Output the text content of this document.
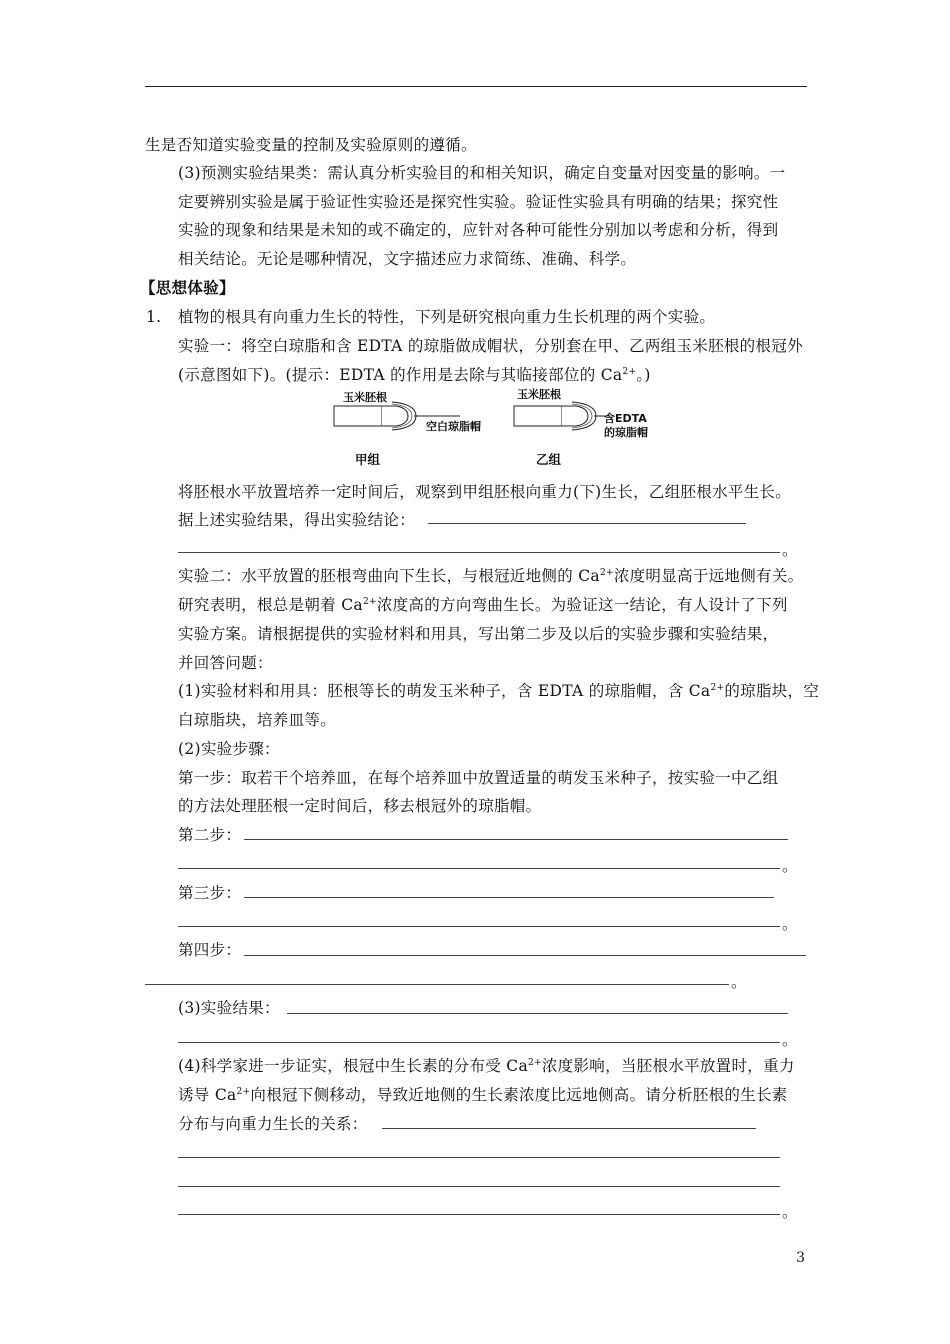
生是否知道实验变量的控制及实验原则的遵循。
(3)预测实验结果类：需认真分析实验目的和相关知识，确定自变量对因变量的影响。一
定要辨别实验是属于验证性实验还是探究性实验。验证性实验具有明确的结果；探究性
实验的现象和结果是未知的或不确定的，应针对各种可能性分别加以考虑和分析，得到
相关结论。无论是哪种情况，文字描述应力求简练、准确、科学。
【思想体验】
1. 植物的根具有向重力生长的特性，下列是研究根向重力生长机理的两个实验。
实验一：将空白琼脂和含 EDTA 的琼脂做成帽状，分别套在甲、乙两组玉米胚根的根冠外
(示意图如下)。(提示：EDTA 的作用是去除与其临接部位的 $Ca^{2+}$。)
玉米胚根
空白琼脂帽
甲组
玉米胚根
含EDTA
的琼脂帽
乙组
将胚根水平放置培养一定时间后，观察到甲组胚根向重力(下)生长，乙组胚根水平生长。
据上述实验结果，得出实验结论：
。
实验二：水平放置的胚根弯曲向下生长，与根冠近地侧的 $Ca^{2+}$浓度明显高于远地侧有关。
研究表明，根总是朝着 $Ca^{2+}$浓度高的方向弯曲生长。为验证这一结论，有人设计了下列
实验方案。请根据提供的实验材料和用具，写出第二步及以后的实验步骤和实验结果，
并回答问题：
(1)实验材料和用具：胚根等长的萌发玉米种子，含 EDTA 的琼脂帽，含 $Ca^{2+}$的琼脂块，空
白琼脂块，培养皿等。
(2)实验步骤：
第一步：取若干个培养皿，在每个培养皿中放置适量的萌发玉米种子，按实验一中乙组
的方法处理胚根一定时间后，移去根冠外的琼脂帽。
第二步：
。
第三步：
。
第四步：
。
(3)实验结果：
。
(4)科学家进一步证实，根冠中生长素的分布受 $Ca^{2+}$浓度影响，当胚根水平放置时，重力
诱导 $Ca^{2+}$向根冠下侧移动，导致近地侧的生长素浓度比远地侧高。请分析胚根的生长素
分布与向重力生长的关系：
。
3
